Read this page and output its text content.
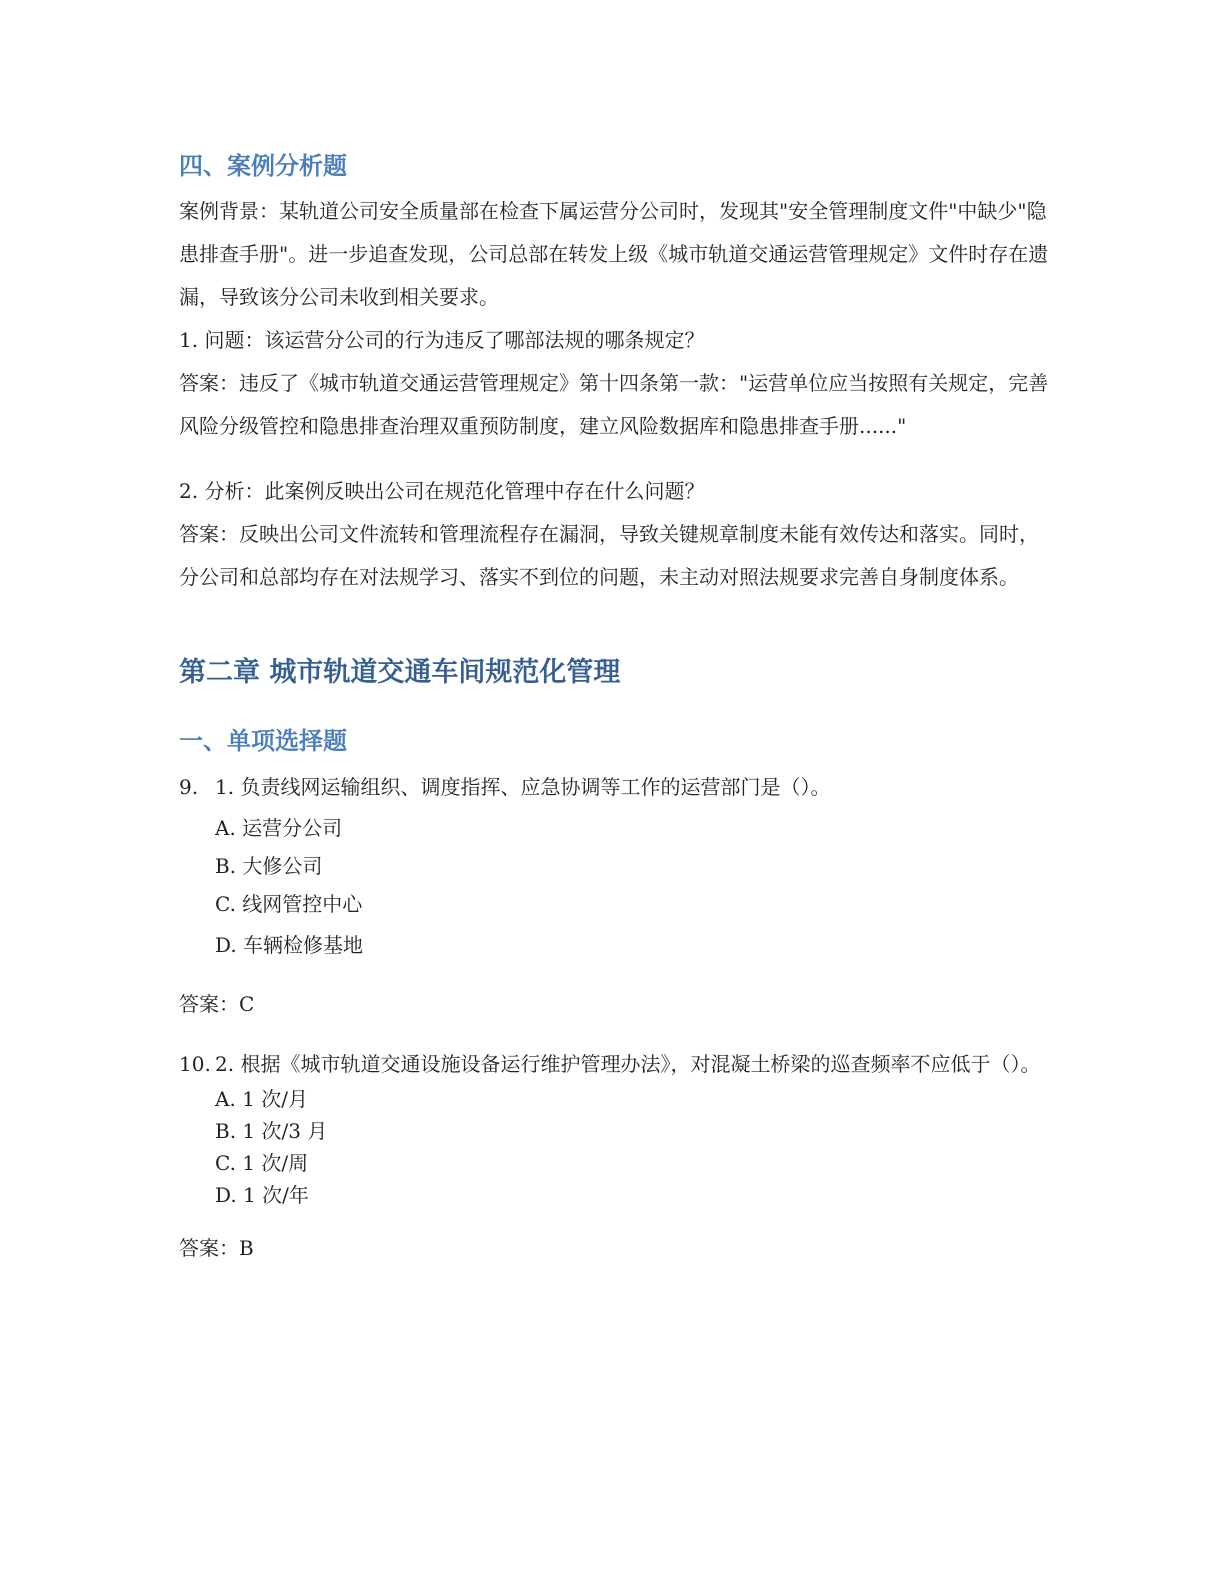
四、案例分析题

案例背景：某轨道公司安全质量部在检查下属运营分公司时，发现其"安全管理制度文件"中缺少"隐患排查手册"。进一步追查发现，公司总部在转发上级《城市轨道交通运营管理规定》文件时存在遗漏，导致该分公司未收到相关要求。

1. 问题：该运营分公司的行为违反了哪部法规的哪条规定？

答案：违反了《城市轨道交通运营管理规定》第十四条第一款："运营单位应当按照有关规定，完善风险分级管控和隐患排查治理双重预防制度，建立风险数据库和隐患排查手册......"

2. 分析：此案例反映出公司在规范化管理中存在什么问题？

答案：反映出公司文件流转和管理流程存在漏洞，导致关键规章制度未能有效传达和落实。同时，分公司和总部均存在对法规学习、落实不到位的问题，未主动对照法规要求完善自身制度体系。

第二章 城市轨道交通车间规范化管理
一、单项选择题

9. 1. 负责线网运输组织、调度指挥、应急协调等工作的运营部门是（）。

A. 运营分公司
B. 大修公司
C. 线网管控中心
D. 车辆检修基地
答案：C

10. 2. 根据《城市轨道交通设施设备运行维护管理办法》，对混凝土桥梁的巡查频率不应低于（）。

A. 1 次/月
B. 1 次/3 月
C. 1 次/周
D. 1 次/年
答案：B
